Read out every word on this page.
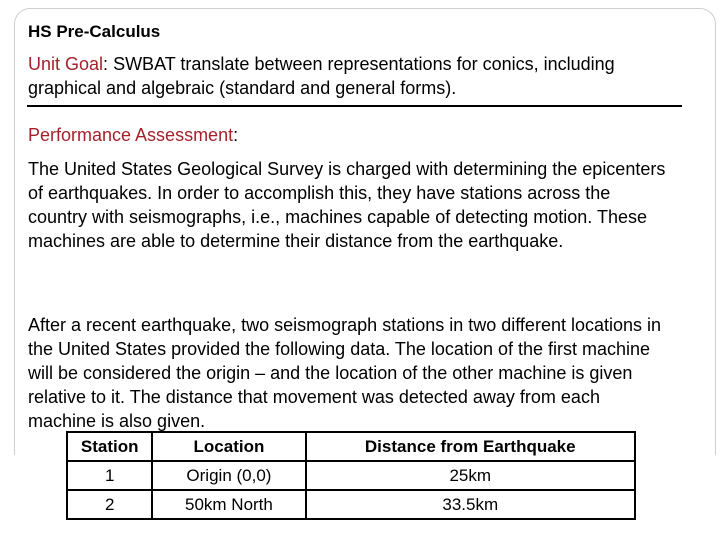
HS Pre-Calculus
Unit Goal: SWBAT translate between representations for conics, including graphical and algebraic (standard and general forms).
Performance Assessment:
The United States Geological Survey is charged with determining the epicenters of earthquakes. In order to accomplish this, they have stations across the country with seismographs, i.e., machines capable of detecting motion. These machines are able to determine their distance from the earthquake.
After a recent earthquake, two seismograph stations in two different locations in the United States provided the following data. The location of the first machine will be considered the origin – and the location of the other machine is given relative to it. The distance that movement was detected away from each machine is also given.
Station	Location	Distance from Earthquake
1	Origin (0,0)	25km
2	50km North	33.5km
